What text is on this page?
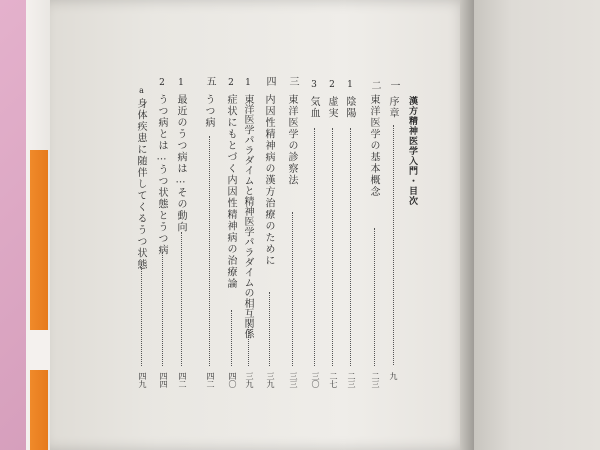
漢方精神医学入門・目次
一
序章
九
二
東洋医学の基本概念
二三
1
陰陽
二三
2
虚実
二七
3
気血
三〇
三
東洋医学の診察法
三三
四
内因性精神病の漢方治療のために
三九
1
東洋医学パラダイムと精神医学パラダイムの相互関係
三九
2
症状にもとづく内因性精神病の治療論
四〇
五
うつ病
四二
1
最近のうつ病は…その動向
四二
2
うつ病とは…うつ状態とうつ病
四四
a
身体疾患に随伴してくるうつ状態
四九
